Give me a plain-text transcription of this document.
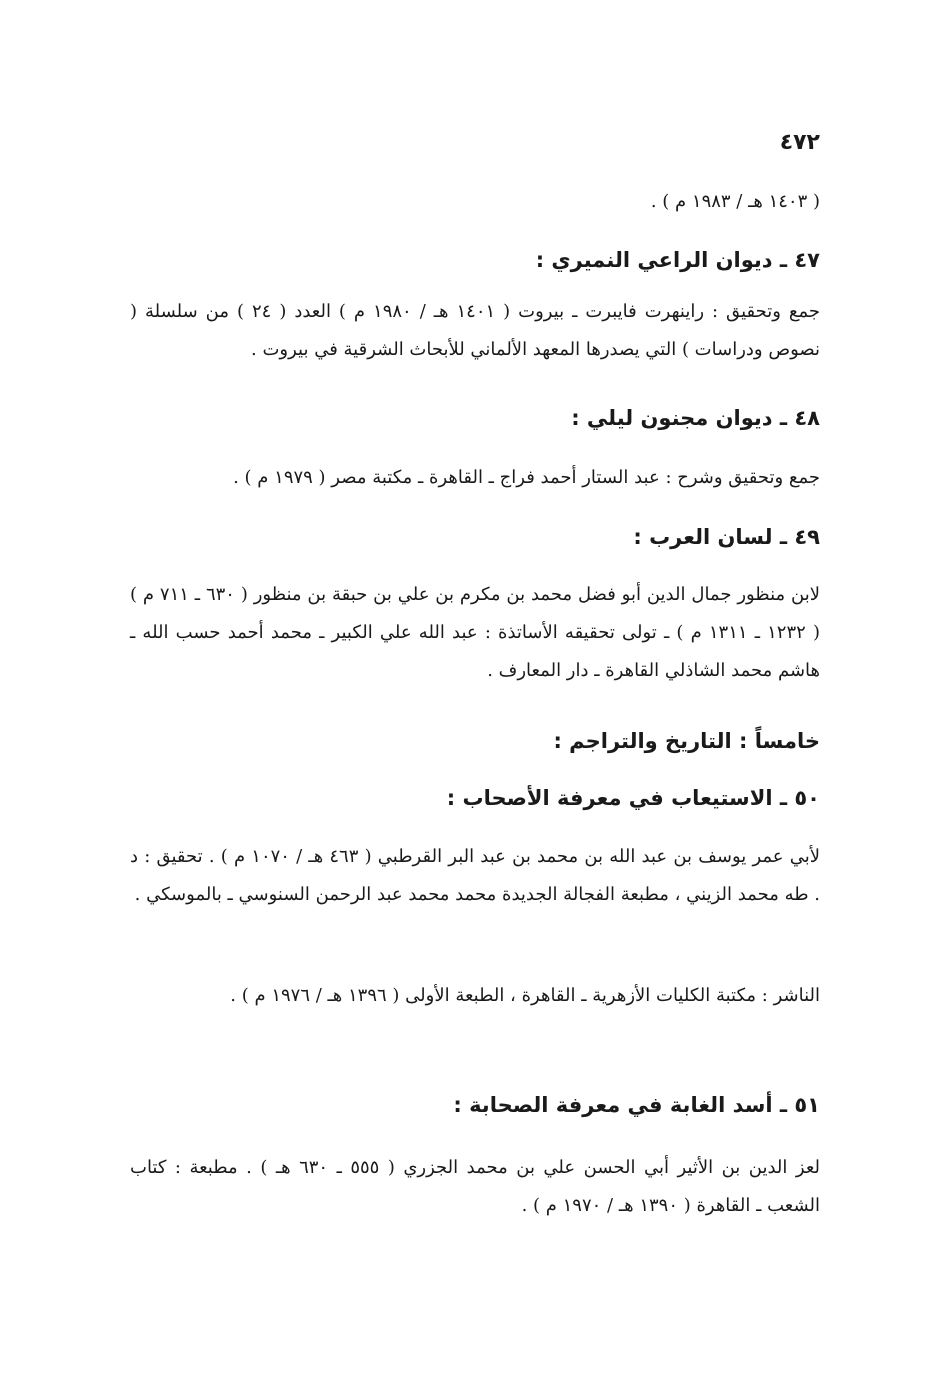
٤٧٢
( ١٤٠٣ هـ / ١٩٨٣ م ) .
٤٧ ـ ديوان الراعي النميري :
جمع وتحقيق : راينهرت فايبرت ـ بيروت ( ١٤٠١ هـ / ١٩٨٠ م ) العدد ( ٢٤ ) من سلسلة ( نصوص ودراسات ) التي يصدرها المعهد الألماني للأبحاث الشرقية في بيروت .
٤٨ ـ ديوان مجنون ليلي :
جمع وتحقيق وشرح : عبد الستار أحمد فراج ـ القاهرة ـ مكتبة مصر ( ١٩٧٩ م ) .
٤٩ ـ لسان العرب :
لابن منظور جمال الدين أبو فضل محمد بن مكرم بن علي بن حبقة بن منظور ( ٦٣٠ ـ ٧١١ م ) ( ١٢٣٢ ـ ١٣١١ م ) ـ تولى تحقيقه الأساتذة : عبد الله علي الكبير ـ محمد أحمد حسب الله ـ هاشم محمد الشاذلي القاهرة ـ دار المعارف .
خامساً : التاريخ والتراجم :
٥٠ ـ الاستيعاب في معرفة الأصحاب :
لأبي عمر يوسف بن عبد الله بن محمد بن عبد البر القرطبي ( ٤٦٣ هـ / ١٠٧٠ م ) . تحقيق : د . طه محمد الزيني ، مطبعة الفجالة الجديدة محمد محمد عبد الرحمن السنوسي ـ بالموسكي .
الناشر : مكتبة الكليات الأزهرية ـ القاهرة ، الطبعة الأولى ( ١٣٩٦ هـ / ١٩٧٦ م ) .
٥١ ـ أسد الغابة في معرفة الصحابة :
لعز الدين بن الأثير أبي الحسن علي بن محمد الجزري ( ٥٥٥ ـ ٦٣٠ هـ ) . مطبعة : كتاب الشعب ـ القاهرة ( ١٣٩٠ هـ / ١٩٧٠ م ) .
